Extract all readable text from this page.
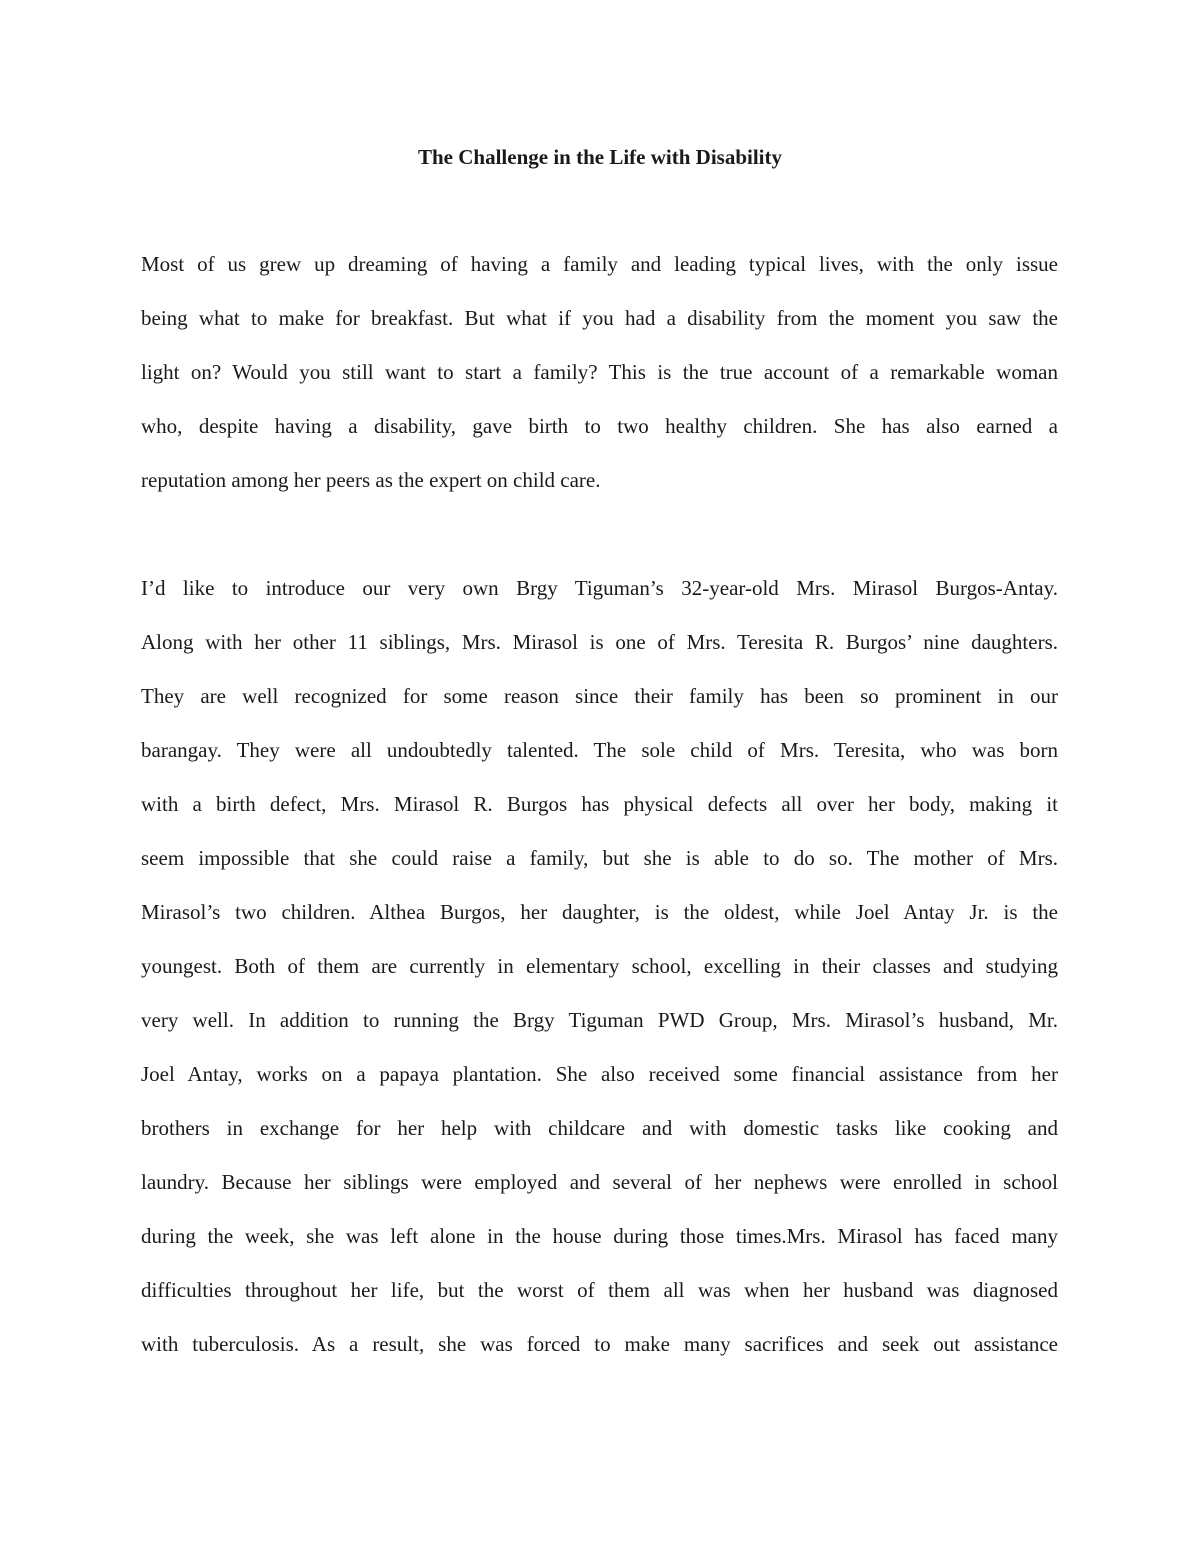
The Challenge in the Life with Disability
Most of us grew up dreaming of having a family and leading typical lives, with the only issue
being what to make for breakfast. But what if you had a disability from the moment you saw the
light on? Would you still want to start a family? This is the true account of a remarkable woman
who, despite having a disability, gave birth to two healthy children. She has also earned a
reputation among her peers as the expert on child care.
I’d like to introduce our very own Brgy Tiguman’s 32-year-old Mrs. Mirasol Burgos-Antay.
Along with her other 11 siblings, Mrs. Mirasol is one of Mrs. Teresita R. Burgos’ nine daughters.
They are well recognized for some reason since their family has been so prominent in our
barangay. They were all undoubtedly talented. The sole child of Mrs. Teresita, who was born
with a birth defect, Mrs. Mirasol R. Burgos has physical defects all over her body, making it
seem impossible that she could raise a family, but she is able to do so. The mother of Mrs.
Mirasol’s two children. Althea Burgos, her daughter, is the oldest, while Joel Antay Jr. is the
youngest. Both of them are currently in elementary school, excelling in their classes and studying
very well. In addition to running the Brgy Tiguman PWD Group, Mrs. Mirasol’s husband, Mr.
Joel Antay, works on a papaya plantation. She also received some financial assistance from her
brothers in exchange for her help with childcare and with domestic tasks like cooking and
laundry. Because her siblings were employed and several of her nephews were enrolled in school
during the week, she was left alone in the house during those times.Mrs. Mirasol has faced many
difficulties throughout her life, but the worst of them all was when her husband was diagnosed
with tuberculosis. As a result, she was forced to make many sacrifices and seek out assistance
